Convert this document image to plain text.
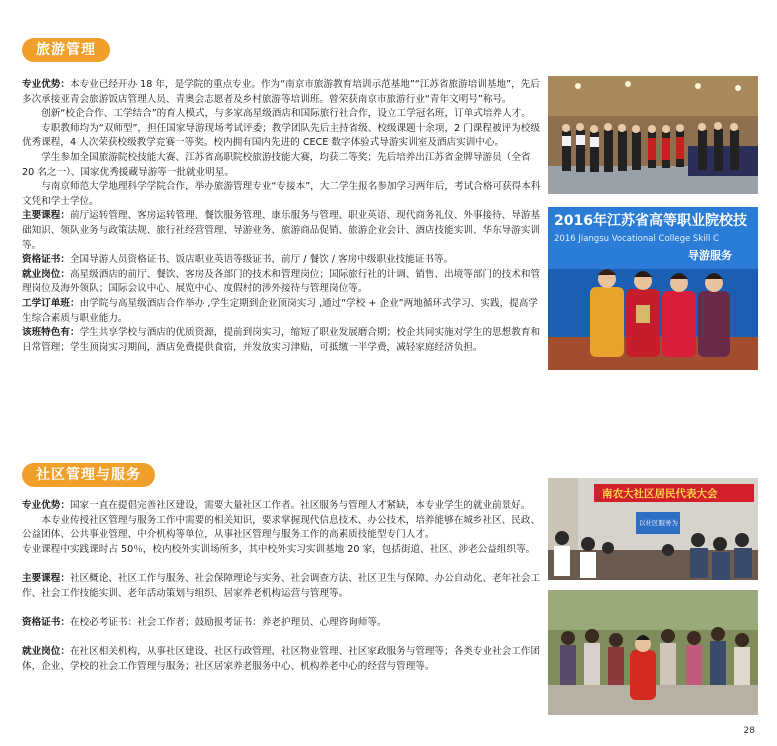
旅游管理

专业优势：本专业已经开办 18 年，是学院的重点专业。作为“南京市旅游教育培训示范基地”“江苏省旅游培训基地”，先后多次承接亚青会旅游饭店管理人员、青奥会志愿者及乡村旅游等培训班。曾荣获南京市旅游行业“青年文明号”称号。

创新“校企合作、工学结合”的育人模式，与多家高星级酒店和国际旅行社合作，设立工学冠名班，订单式培养人才。

专职教师均为“双师型”，担任国家导游现场考试评委；教学团队先后主持省级、校级课题十余项，2 门课程被评为校级优秀课程，4 人次荣获校级教学竞赛一等奖。校内拥有国内先进的 CECE 数字体验式导游实训室及酒店实训中心。

学生参加全国旅游院校技能大赛、江苏省高职院校旅游技能大赛，均获二等奖；先后培养出江苏省金牌导游员（全省 20 名之一）、国家优秀援藏导游等一批就业明星。

与南京师范大学地理科学学院合作，举办旅游管理专业“专接本”，大二学生报名参加学习两年后，考试合格可获得本科文凭和学士学位。

主要课程：前厅运转管理、客房运转管理、餐饮服务管理、康乐服务与管理、职业英语、现代商务礼仪、外事接待、导游基础知识、领队业务与政策法规、旅行社经营管理、导游业务、旅游商品促销、旅游企业会计、酒店技能实训、华东导游实训等。

资格证书：全国导游人员资格证书、饭店职业英语等级证书、前厅 / 餐饮 / 客房中级职业技能证书等。

就业岗位：高星级酒店的前厅、餐饮、客房及各部门的技术和管理岗位；国际旅行社的计调、销售、出境等部门的技术和管理岗位及海外领队；国际会议中心、展览中心、度假村的涉外接待与管理岗位等。

工学订单班：由学院与高星级酒店合作举办 ,学生定期到企业顶岗实习 ,通过“学校 + 企业”两地循环式学习、实践，提高学生综合素质与职业能力。

该班特色有：学生共享学校与酒店的优质资源，提前到岗实习，缩短了职业发展磨合期；校企共同实施对学生的思想教育和日常管理；学生顶岗实习期间，酒店免费提供食宿，并发放实习津贴，可抵缴一半学费，减轻家庭经济负担。

2016年江苏省高等职业院校技
2016 Jiangsu Vocational College Skill C
导游服务
社区管理与服务

专业优势：国家一直在提倡完善社区建设，需要大量社区工作者。社区服务与管理人才紧缺，本专业学生的就业前景好。

本专业传授社区管理与服务工作中需要的相关知识，要求掌握现代信息技术、办公技术，培养能够在城乡社区、民政、公益团体、公共事业管理、中介机构等单位，从事社区管理与服务工作的高素质技能型专门人才。

专业课程中实践课时占 50％，校内校外实训场所多，其中校外实习实训基地 20 家，包括街道、社区、涉老公益组织等。

主要课程：社区概论、社区工作与服务、社会保障理论与实务、社会调查方法、社区卫生与保障、办公自动化、老年社会工作、社会工作技能实训、老年活动策划与组织、居家养老机构运营与管理等。

资格证书：在校必考证书：社会工作者；鼓励报考证书：养老护理员、心理咨询师等。

就业岗位：在社区相关机构，从事社区建设、社区行政管理、社区物业管理、社区家政服务与管理等；各类专业社会工作团体，企业、学校的社会工作管理与服务；社区居家养老服务中心、机构养老中心的经营与管理等。

南农大社区居民代表大会
以社区服务为
28
